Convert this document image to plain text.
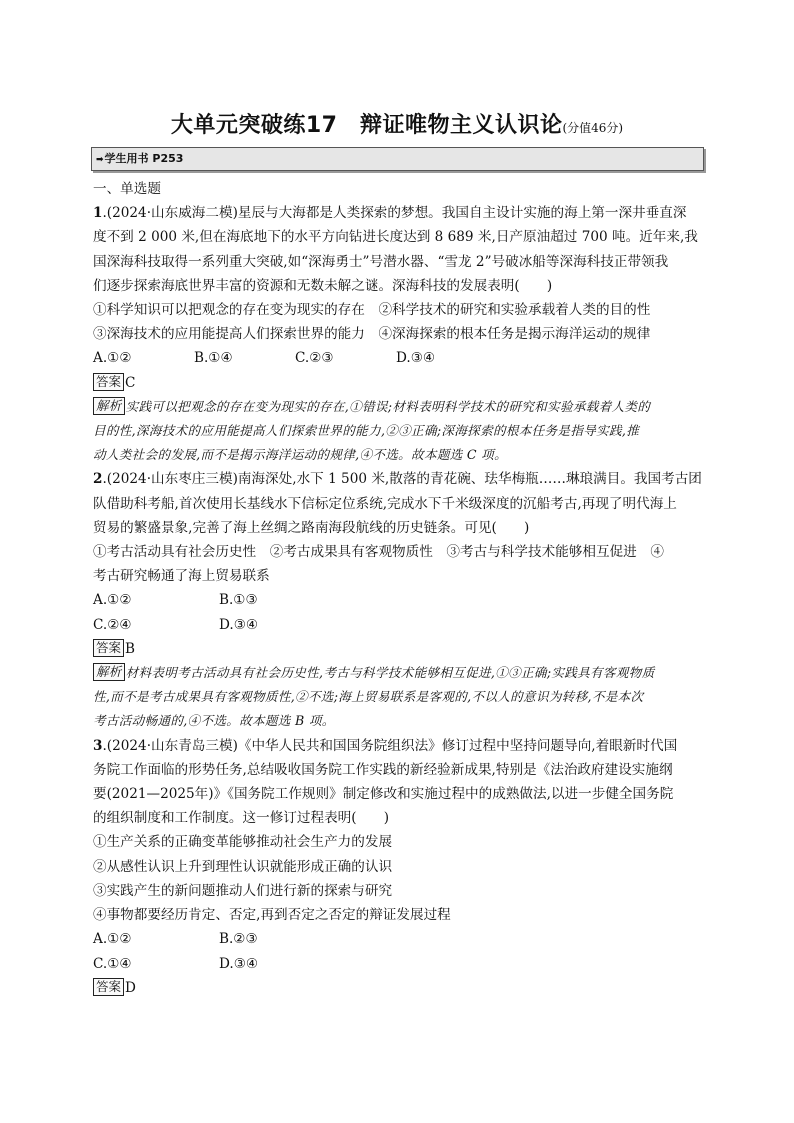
大单元突破练17　辩证唯物主义认识论(分值46分)
➡学生用书 P253
一、单选题
1.(2024·山东威海二模)星辰与大海都是人类探索的梦想。我国自主设计实施的海上第一深井垂直深
度不到 2 000 米,但在海底地下的水平方向钻进长度达到 8 689 米,日产原油超过 700 吨。近年来,我
国深海科技取得一系列重大突破,如“深海勇士”号潜水器、“雪龙 2”号破冰船等深海科技正带领我
们逐步探索海底世界丰富的资源和无数未解之谜。深海科技的发展表明(　　)
①科学知识可以把观念的存在变为现实的存在　②科学技术的研究和实验承载着人类的目的性
③深海技术的应用能提高人们探索世界的能力　④深海探索的根本任务是揭示海洋运动的规律
A.①②	B.①④	C.②③	D.③④
答案 C
解析 实践可以把观念的存在变为现实的存在,①错误;材料表明科学技术的研究和实验承载着人类的
目的性,深海技术的应用能提高人们探索世界的能力,②③正确;深海探索的根本任务是指导实践,推
动人类社会的发展,而不是揭示海洋运动的规律,④不选。故本题选 C 项。
2.(2024·山东枣庄三模)南海深处,水下 1 500 米,散落的青花碗、珐华梅瓶……琳琅满目。我国考古团
队借助科考船,首次使用长基线水下信标定位系统,完成水下千米级深度的沉船考古,再现了明代海上
贸易的繁盛景象,完善了海上丝绸之路南海段航线的历史链条。可见(　　)
①考古活动具有社会历史性　②考古成果具有客观物质性　③考古与科学技术能够相互促进　④
考古研究畅通了海上贸易联系
A.①②	B.①③
C.②④	D.③④
答案 B
解析 材料表明考古活动具有社会历史性,考古与科学技术能够相互促进,①③正确;实践具有客观物质
性,而不是考古成果具有客观物质性,②不选;海上贸易联系是客观的,不以人的意识为转移,不是本次
考古活动畅通的,④不选。故本题选 B 项。
3.(2024·山东青岛三模)《中华人民共和国国务院组织法》修订过程中坚持问题导向,着眼新时代国
务院工作面临的形势任务,总结吸收国务院工作实践的新经验新成果,特别是《法治政府建设实施纲
要(2021—2025年)》《国务院工作规则》制定修改和实施过程中的成熟做法,以进一步健全国务院
的组织制度和工作制度。这一修订过程表明(　　)
①生产关系的正确变革能够推动社会生产力的发展
②从感性认识上升到理性认识就能形成正确的认识
③实践产生的新问题推动人们进行新的探索与研究
④事物都要经历肯定、否定,再到否定之否定的辩证发展过程
A.①②	B.②③
C.①④	D.③④
答案 D
